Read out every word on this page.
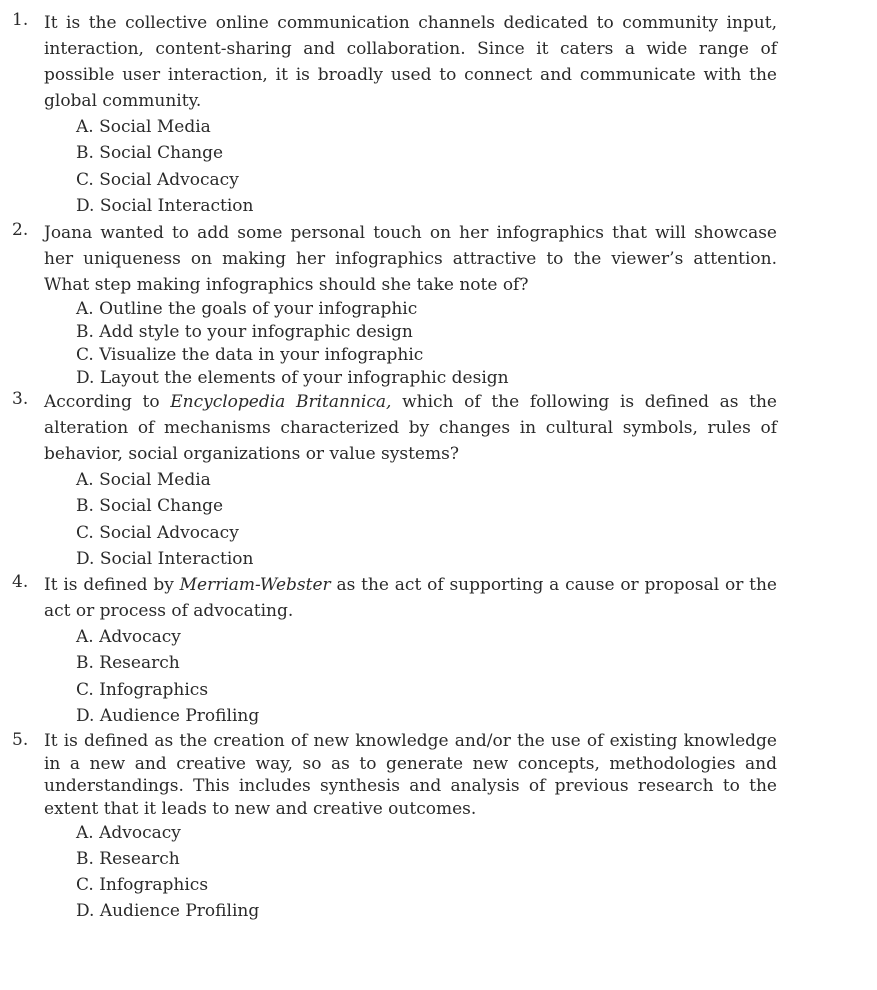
1. It is the collective online communication channels dedicated to community input, interaction, content-sharing and collaboration. Since it caters a wide range of possible user interaction, it is broadly used to connect and communicate with the global community.
A. Social Media
B. Social Change
C. Social Advocacy
D. Social Interaction
2. Joana wanted to add some personal touch on her infographics that will showcase her uniqueness on making her infographics attractive to the viewer’s attention. What step making infographics should she take note of?
A. Outline the goals of your infographic
B. Add style to your infographic design
C. Visualize the data in your infographic
D. Layout the elements of your infographic design
3. According to Encyclopedia Britannica, which of the following is defined as the alteration of mechanisms characterized by changes in cultural symbols, rules of behavior, social organizations or value systems?
A. Social Media
B. Social Change
C. Social Advocacy
D. Social Interaction
4. It is defined by Merriam-Webster as the act of supporting a cause or proposal or the act or process of advocating.
A. Advocacy
B. Research
C. Infographics
D. Audience Profiling
5. It is defined as the creation of new knowledge and/or the use of existing knowledge in a new and creative way, so as to generate new concepts, methodologies and understandings. This includes synthesis and analysis of previous research to the extent that it leads to new and creative outcomes.
A. Advocacy
B. Research
C. Infographics
D. Audience Profiling
